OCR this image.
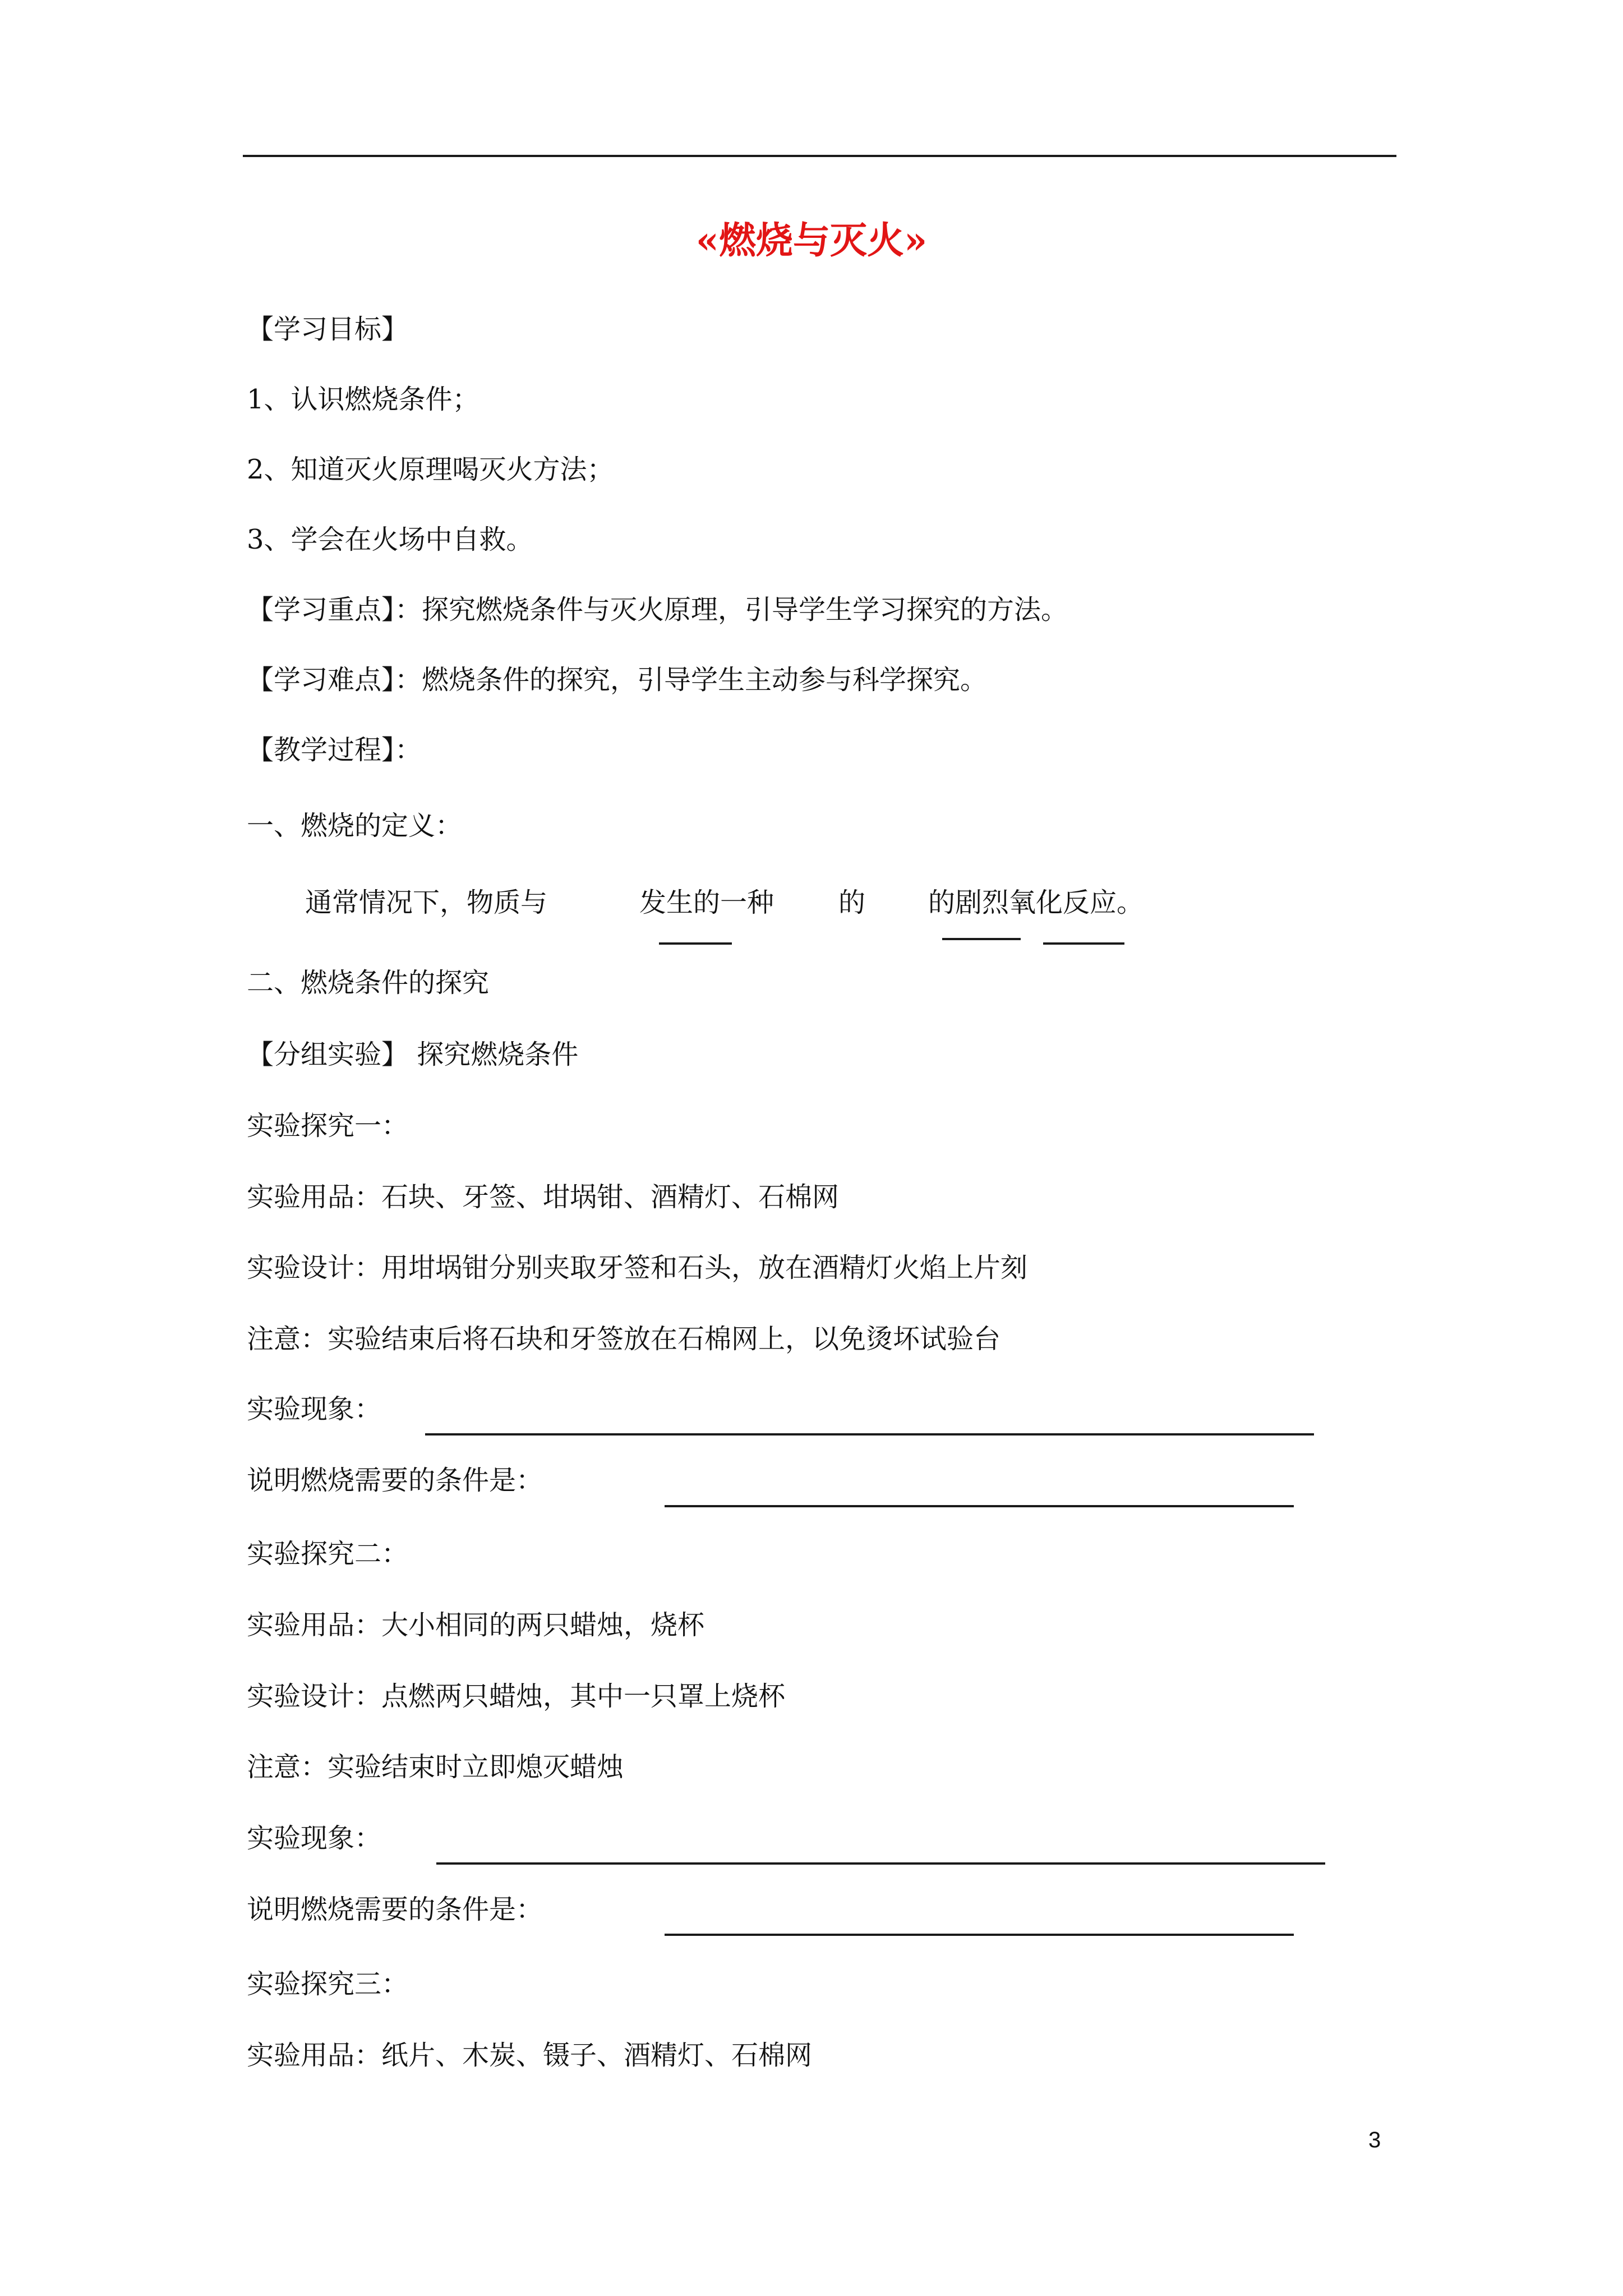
«燃烧与灭火»

【学习目标】

1、认识燃烧条件；

2、知道灭火原理喝灭火方法；

3、学会在火场中自救。

【学习重点】：探究燃烧条件与灭火原理，引导学生学习探究的方法。

【学习难点】：燃烧条件的探究，引导学生主动参与科学探究。

【教学过程】：

一、燃烧的定义：

通常情况下，物质与	发生的一种 的 的剧烈氧化反应。

二、燃烧条件的探究

【分组实验】 探究燃烧条件

实验探究一：

实验用品：石块、牙签、坩埚钳、酒精灯、石棉网

实验设计：用坩埚钳分别夹取牙签和石头，放在酒精灯火焰上片刻

注意：实验结束后将石块和牙签放在石棉网上，以免烫坏试验台

实验现象：

说明燃烧需要的条件是：

实验探究二：

实验用品：大小相同的两只蜡烛，烧杯

实验设计：点燃两只蜡烛，其中一只罩上烧杯

注意：实验结束时立即熄灭蜡烛

实验现象：

说明燃烧需要的条件是：

实验探究三：

实验用品：纸片、木炭、镊子、酒精灯、石棉网

3
